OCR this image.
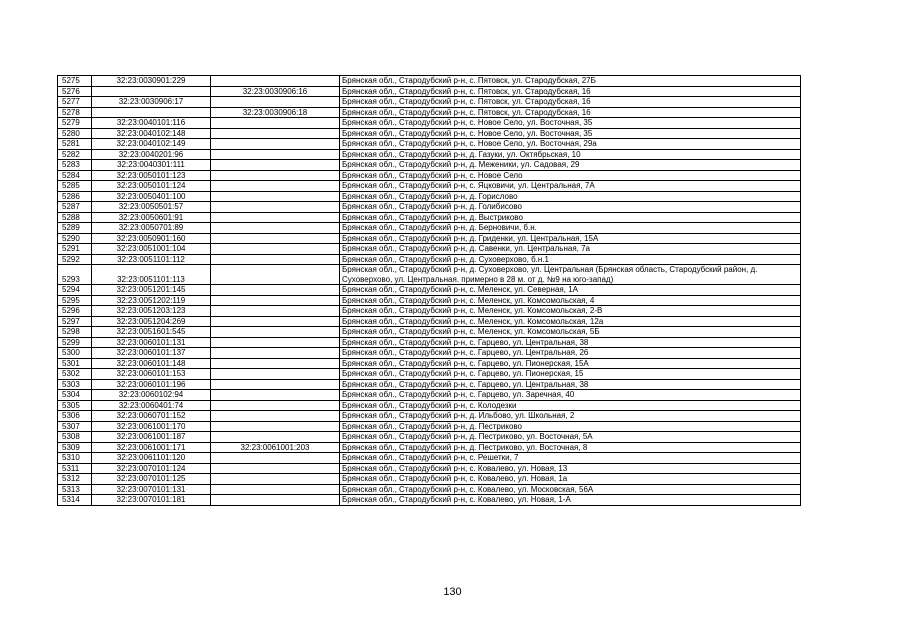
5275	32:23:0030901:229		Брянская обл., Стародубский р-н, с. Пятовск, ул. Стародубская, 27Б
5276		32:23:0030906:16	Брянская обл., Стародубский р-н, с. Пятовск, ул. Стародубская, 16
5277	32:23:0030906:17		Брянская обл., Стародубский р-н, с. Пятовск, ул. Стародубская, 16
5278		32:23:0030906:18	Брянская обл., Стародубский р-н, с. Пятовск, ул. Стародубская, 16
5279	32:23:0040101:116		Брянская обл., Стародубский р-н, с. Новое Село, ул. Восточная, 35
5280	32:23:0040102:148		Брянская обл., Стародубский р-н, с. Новое Село, ул. Восточная, 35
5281	32:23:0040102:149		Брянская обл., Стародубский р-н, с. Новое Село, ул. Восточная, 29а
5282	32:23:0040201:96		Брянская обл., Стародубский р-н, д. Газуки, ул. Октябрьская, 10
5283	32:23:0040301:111		Брянская обл., Стародубский р-н, д. Меженики, ул. Садовая, 29
5284	32:23:0050101:123		Брянская обл., Стародубский р-н, с. Новое Село
5285	32:23:0050101:124		Брянская обл., Стародубский р-н, с. Яцковичи, ул. Центральная, 7А
5286	32:23:0050401:100		Брянская обл., Стародубский р-н, д. Горислово
5287	32:23:0050501:57		Брянская обл., Стародубский р-н, д. Голибисово
5288	32:23:0050601:91		Брянская обл., Стародубский р-н, д. Выстриково
5289	32:23:0050701:89		Брянская обл., Стародубский р-н, д. Берновичи, б.н.
5290	32:23:0050901:160		Брянская обл., Стародубский р-н, д. Гриденки, ул. Центральная, 15А
5291	32:23:0051001:104		Брянская обл., Стародубский р-н, д. Савенки, ул. Центральная, 7а
5292	32:23:0051101:112		Брянская обл., Стародубский р-н, д. Суховерхово, б.н.1
5293	32:23:0051101:113		Брянская обл., Стародубский р-н, д. Суховерхово, ул. Центральная (Брянская область, Стародубский район, д. Суховерхово, ул. Центральная. примерно в 28 м. от д. №9 на юго-запад)
5294	32:23:0051201:145		Брянская обл., Стародубский р-н, с. Меленск, ул. Северная, 1А
5295	32:23:0051202:119		Брянская обл., Стародубский р-н, с. Меленск, ул. Комсомольская, 4
5296	32:23:0051203:123		Брянская обл., Стародубский р-н, с. Меленск, ул. Комсомольская, 2-В
5297	32:23:0051204:269		Брянская обл., Стародубский р-н, с. Меленск, ул. Комсомольская, 12а
5298	32:23:0051601:545		Брянская обл., Стародубский р-н, с. Меленск, ул. Комсомольская, 5Б
5299	32:23:0060101:131		Брянская обл., Стародубский р-н, с. Гарцево, ул. Центральная, 38
5300	32:23:0060101:137		Брянская обл., Стародубский р-н, с. Гарцево, ул. Центральная, 26
5301	32:23:0060101:148		Брянская обл., Стародубский р-н, с. Гарцево, ул. Пионерская, 15А
5302	32:23:0060101:153		Брянская обл., Стародубский р-н, с. Гарцево, ул. Пионерская, 15
5303	32:23:0060101:196		Брянская обл., Стародубский р-н, с. Гарцево, ул. Центральная, 38
5304	32:23:0060102:94		Брянская обл., Стародубский р-н, с. Гарцево, ул. Заречная, 40
5305	32:23:0060401:74		Брянская обл., Стародубский р-н, с. Колодезки
5306	32:23:0060701:152		Брянская обл., Стародубский р-н, д. Ильбово, ул. Школьная, 2
5307	32:23:0061001:170		Брянская обл., Стародубский р-н, д. Пестриково
5308	32:23:0061001:187		Брянская обл., Стародубский р-н, д. Пестриково, ул. Восточная, 5А
5309	32:23:0061001:171	32:23:0061001:203	Брянская обл., Стародубский р-н, д. Пестриково, ул. Восточная, 8
5310	32:23:0061101:120		Брянская обл., Стародубский р-н, с. Решетки, 7
5311	32:23:0070101:124		Брянская обл., Стародубский р-н, с. Ковалево, ул. Новая, 13
5312	32:23:0070101:125		Брянская обл., Стародубский р-н, с. Ковалево, ул. Новая, 1а
5313	32:23:0070101:131		Брянская обл., Стародубский р-н, с. Ковалево, ул. Московская, 56А
5314	32:23:0070101:181		Брянская обл., Стародубский р-н, с. Ковалево, ул. Новая, 1-А
130
